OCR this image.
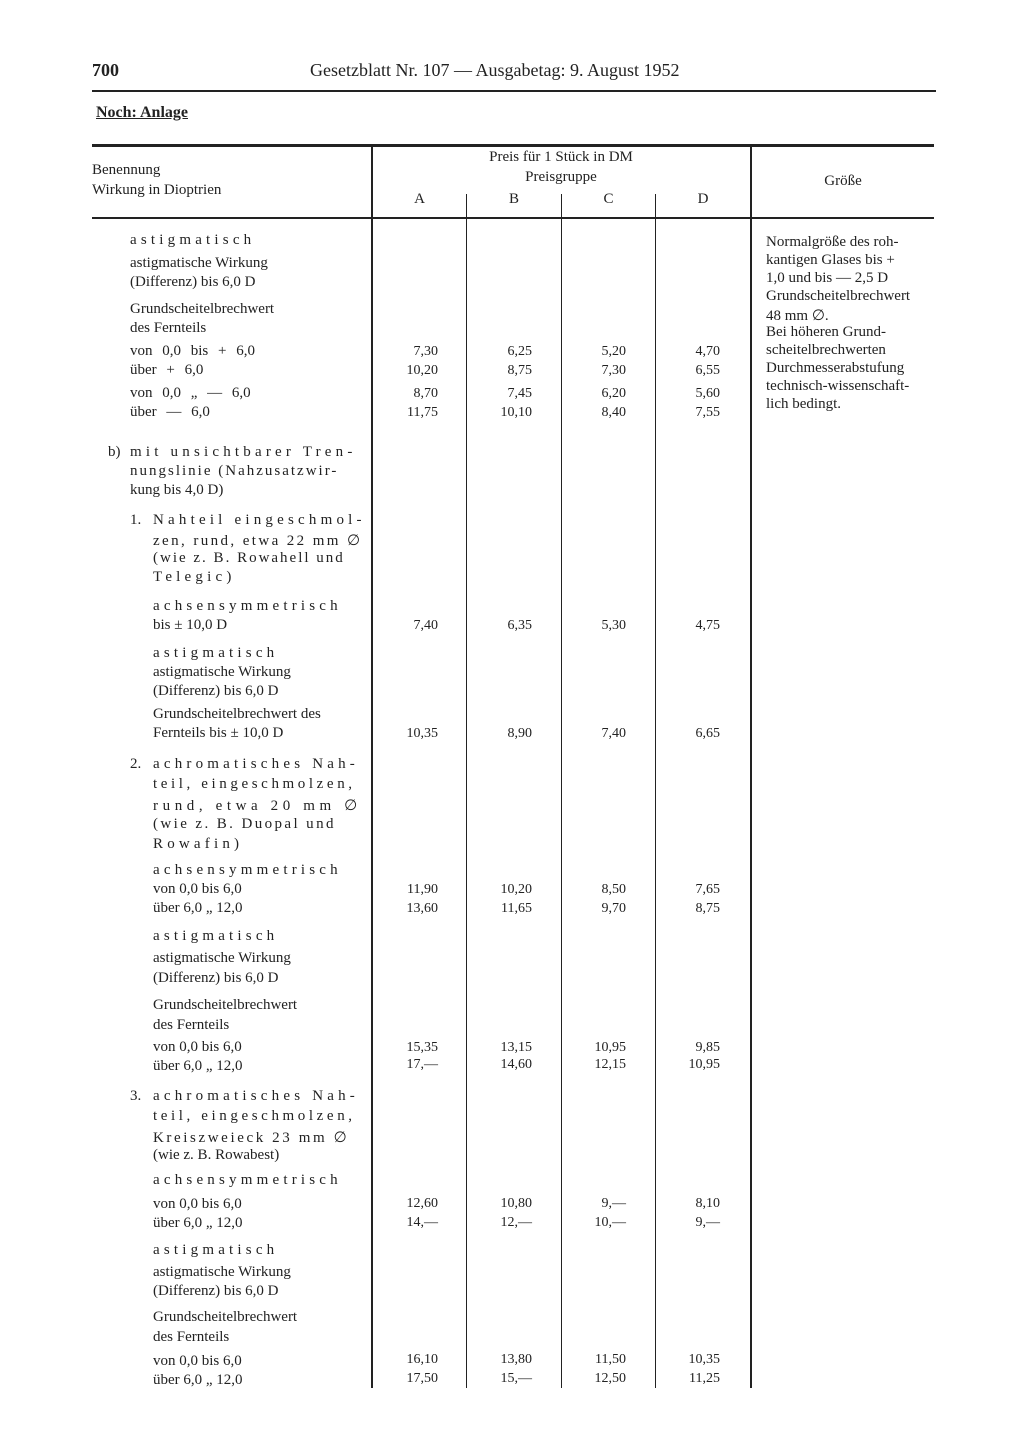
700	Gesetzblatt Nr. 107 — Ausgabetag: 9. August 1952
Noch: Anlage
Benennung
Wirkung in Dioptrien
Preis für 1 Stück in DM
Preisgruppe
A	B	C	D
Größe
astigmatisch
astigmatische Wirkung
(Differenz) bis 6,0 D
Grundscheitelbrechwert
des Fernteils
von 0,0 bis + 6,0	7,30	6,25	5,20	4,70
über + 6,0	10,20	8,75	7,30	6,55
von 0,0 „ — 6,0	8,70	7,45	6,20	5,60
über — 6,0	11,75	10,10	8,40	7,55
Normalgröße des roh-
kantigen Glases bis +
1,0 und bis — 2,5 D
Grundscheitelbrechwert
48 mm ∅.
Bei höheren Grund-
scheitelbrechwerten
Durchmesserabstufung
technisch-wissenschaft-
lich bedingt.
b) mit unsichtbarer Tren-
nungslinie (Nahzusatzwir-
kung bis 4,0 D)
1. Nahteil eingeschmol-
zen, rund, etwa 22 mm ∅
(wie z. B. Rowahell und
Telegic)
achsensymmetrisch
bis ± 10,0 D	7,40	6,35	5,30	4,75
astigmatisch
astigmatische Wirkung
(Differenz) bis 6,0 D
Grundscheitelbrechwert des
Fernteils bis ± 10,0 D	10,35	8,90	7,40	6,65
2. achromatisches Nah-
teil, eingeschmolzen,
rund, etwa 20 mm ∅
(wie z. B. Duopal und
Rowafin)
achsensymmetrisch
von 0,0 bis 6,0	11,90	10,20	8,50	7,65
über 6,0 „ 12,0	13,60	11,65	9,70	8,75
astigmatisch
astigmatische Wirkung
(Differenz) bis 6,0 D
Grundscheitelbrechwert
des Fernteils
von 0,0 bis 6,0	15,35	13,15	10,95	9,85
über 6,0 „ 12,0	17,—	14,60	12,15	10,95
3. achromatisches Nah-
teil, eingeschmolzen,
Kreiszweieck 23 mm ∅
(wie z. B. Rowabest)
achsensymmetrisch
von 0,0 bis 6,0	12,60	10,80	9,—	8,10
über 6,0 „ 12,0	14,—	12,—	10,—	9,—
astigmatisch
astigmatische Wirkung
(Differenz) bis 6,0 D
Grundscheitelbrechwert
des Fernteils
von 0,0 bis 6,0	16,10	13,80	11,50	10,35
über 6,0 „ 12,0	17,50	15,—	12,50	11,25
